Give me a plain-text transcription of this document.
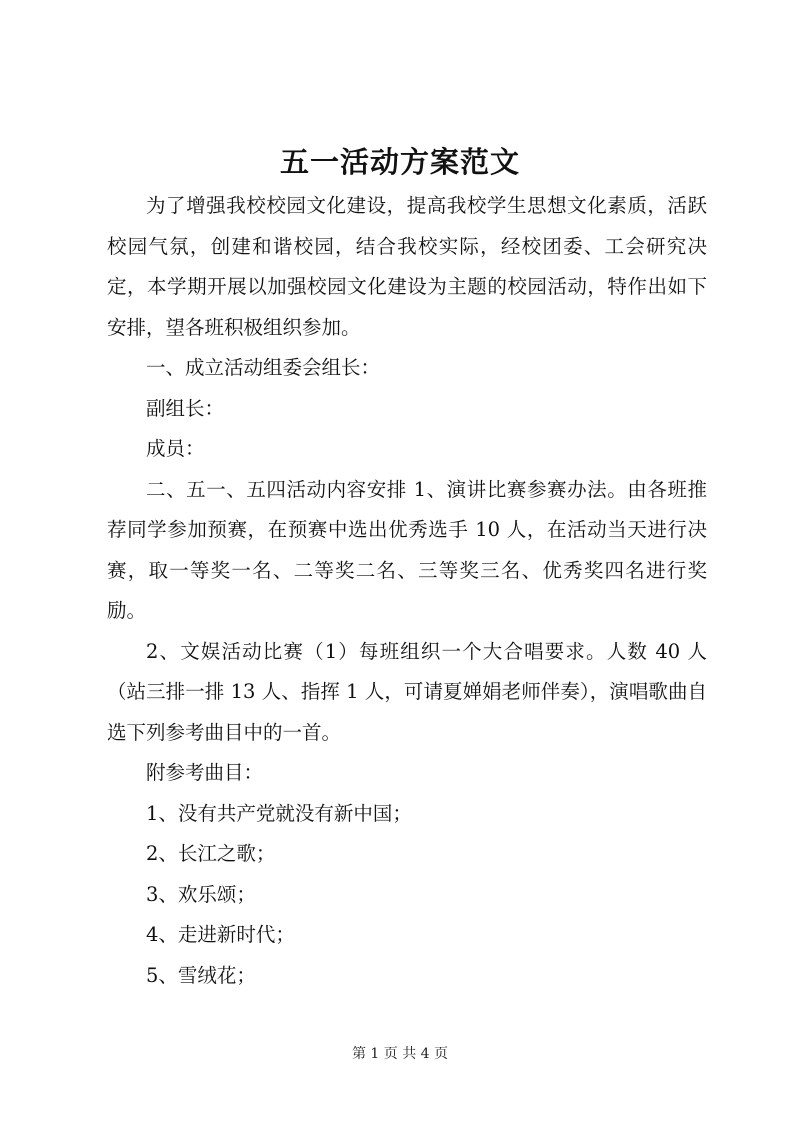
五一活动方案范文

为了增强我校校园文化建设，提高我校学生思想文化素质，活跃校园气氛，创建和谐校园，结合我校实际，经校团委、工会研究决定，本学期开展以加强校园文化建设为主题的校园活动，特作出如下安排，望各班积极组织参加。

一、成立活动组委会组长：

副组长：

成员：

二、五一、五四活动内容安排 1、演讲比赛参赛办法。由各班推荐同学参加预赛，在预赛中选出优秀选手 10 人，在活动当天进行决赛，取一等奖一名、二等奖二名、三等奖三名、优秀奖四名进行奖励。

2、文娱活动比赛（1）每班组织一个大合唱要求。人数 40 人（站三排一排 13 人、指挥 1 人，可请夏婵娟老师伴奏），演唱歌曲自选下列参考曲目中的一首。

附参考曲目：

1、没有共产党就没有新中国；

2、长江之歌；

3、欢乐颂；

4、走进新时代；

5、雪绒花；

第 1 页 共 4 页
